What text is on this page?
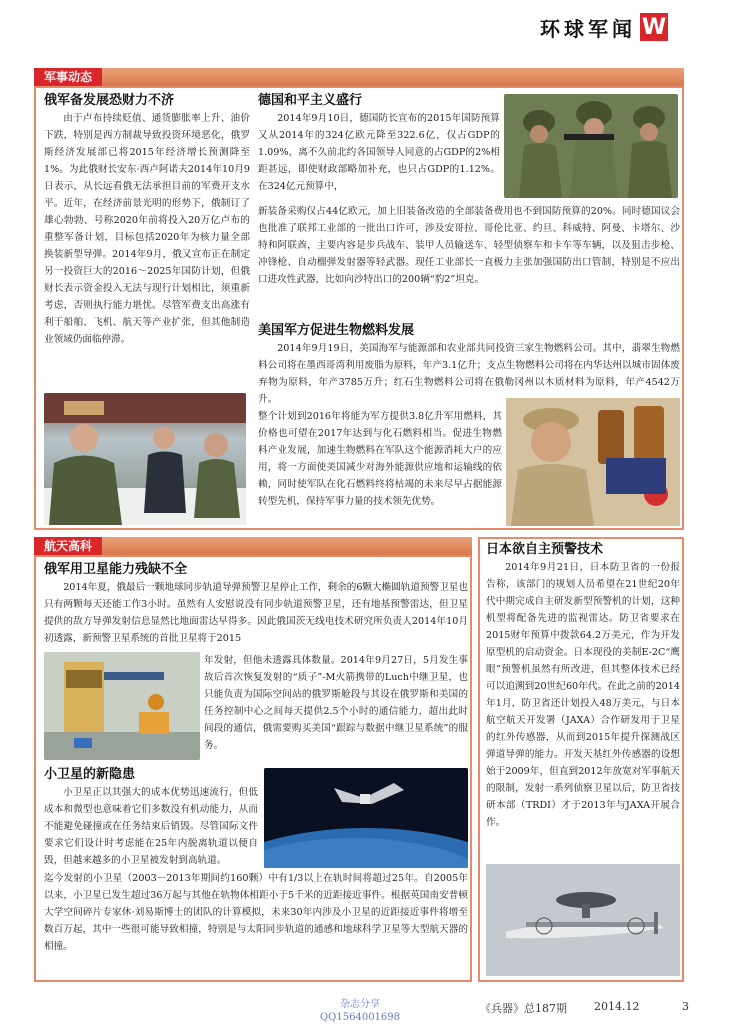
环球军闻 W
军事动态
俄军备发展恐财力不济

由于卢布持续贬值、通货膨胀率上升、油价下跌，特别是西方制裁导致投资环境恶化，俄罗斯经济发展部已将2015年经济增长预测降至1%。为此俄财长安东·西卢阿诺夫2014年10月9日表示，从长远看俄无法承担目前的军费开支水平。近年，在经济前景光明的形势下，俄制订了雄心勃勃、号称2020年前将投入20万亿卢布的重整军备计划，目标包括2020年为核力量全部换装新型导弹。2014年9月，俄又宣布正在制定另一投资巨大的2016～2025年国防计划，但俄财长表示资金投入无法与现行计划相比，须重新考虑，否则执行能力堪忧。尽管军费支出高涨有利于船舶、飞机、航天等产业扩张，但其他制造业领域仍面临停滞。

德国和平主义盛行

2014年9月10日，德国防长宣布的2015年国防预算又从2014年的324亿欧元降至322.6亿，仅占GDP的1.09%，离不久前北约各国领导人同意的占GDP的2%相距甚远，即使财政部略加补充，也只占GDP的1.12%。在324亿元预算中，

新装备采购仅占44亿欧元，加上旧装备改造的全部装备费用也不到国防预算的20%。同时德国议会也批准了联邦工业部的一批出口许可，涉及安哥拉、哥伦比亚、约旦、科威特、阿曼、卡塔尔、沙特和阿联酋，主要内容是步兵战车、装甲人员输送车、轻型侦察车和卡车等车辆，以及狙击步枪、冲锋枪、自动榴弹发射器等轻武器。现任工业部长一直极力主张加强国防出口管制，特别是不应出口进攻性武器，比如向沙特出口的200辆“豹2”坦克。

美国军方促进生物燃料发展

2014年9月19日，美国海军与能源部和农业部共同投资三家生物燃料公司。其中，翡翠生物燃料公司将在墨西哥湾利用废脂为原料，年产3.1亿升；支点生物燃料公司将在内华达州以城市固体废弃物为原料，年产3785万升；红石生物燃料公司将在俄勒冈州以木质材料为原料，年产4542万升。

整个计划到2016年将能为军方提供3.8亿升军用燃料，其价格也可望在2017年达到与化石燃料相当。促进生物燃料产业发展，加速生物燃料在军队这个能源消耗大户的应用，将一方面使美国减少对海外能源供应地和运输线的依赖，同时使军队在化石燃料终将枯竭的未来尽早占据能源转型先机，保持军事力量的技术领先优势。

航天高科
俄军用卫星能力残缺不全

2014年夏，俄最后一颗地球同步轨道导弹预警卫星停止工作，剩余的6颗大椭圆轨道预警卫星也只有两颗每天还能工作3小时。虽然有人安慰说没有同步轨道预警卫星，还有地基预警雷达，但卫星提供的敌方导弹发射信息显然比地面雷达早得多。因此俄国茨无线电技术研究所负责人2014年10月初透露，新预警卫星系统的首批卫星将于2015

年发射，但他未透露具体数量。2014年9月27日，5月发生事故后首次恢复发射的“质子”-M火箭携带的Luch中继卫星，也只能负责为国际空间站的俄罗斯舱段与其设在俄罗斯和美国的任务控制中心之间每天提供2.5个小时的通信能力，超出此时间段的通信，俄需要购买美国“跟踪与数据中继卫星系统”的服务。

小卫星的新隐患

小卫星正以其强大的成本优势迅速流行，但低成本和微型也意味着它们多数没有机动能力，从而不能避免碰撞或在任务结束后销毁。尽管国际文件要求它们设计时考虑能在25年内脱离轨道以便自毁，但越来越多的小卫星被发射到高轨道。

迄今发射的小卫星（2003－2013年期间约160颗）中有1/3以上在轨时间将超过25年。自2005年以来，小卫星已发生超过36万起与其他在轨物体相距小于5千米的近距接近事件。根据英国南安普顿大学空间碎片专家休·刘易斯博士的团队的计算模拟，未来30年内涉及小卫星的近距接近事件将增至数百万起，其中一些很可能导致相撞，特别是与太阳同步轨道的通感和地球科学卫星等大型航天器的相撞。

日本欲自主预警技术

2014年9月21日，日本防卫省的一份报告称，该部门的规划人员希望在21世纪20年代中期完成自主研发新型预警机的计划，这种机型将配备先进的监视雷达。防卫省要求在2015财年预算中拨款64.2万美元，作为开发原型机的启动资金。日本现役的美制E-2C“鹰眼”预警机虽然有所改进，但其整体技术已经可以追溯到20世纪60年代。在此之前的2014年1月，防卫省还计划投入48万美元，与日本航空航天开发署（JAXA）合作研发用于卫星的红外传感器，从而到2015年提升探测战区弹道导弹的能力。开发天基红外传感器的设想始于2009年，但直到2012年放宽对军事航天的限制，发射一系列侦察卫星以后，防卫省技研本部（TRDI）才于2013年与JAXA开展合作。

杂志分享
QQ1564001698
《兵器》总187期 2014.12	3
